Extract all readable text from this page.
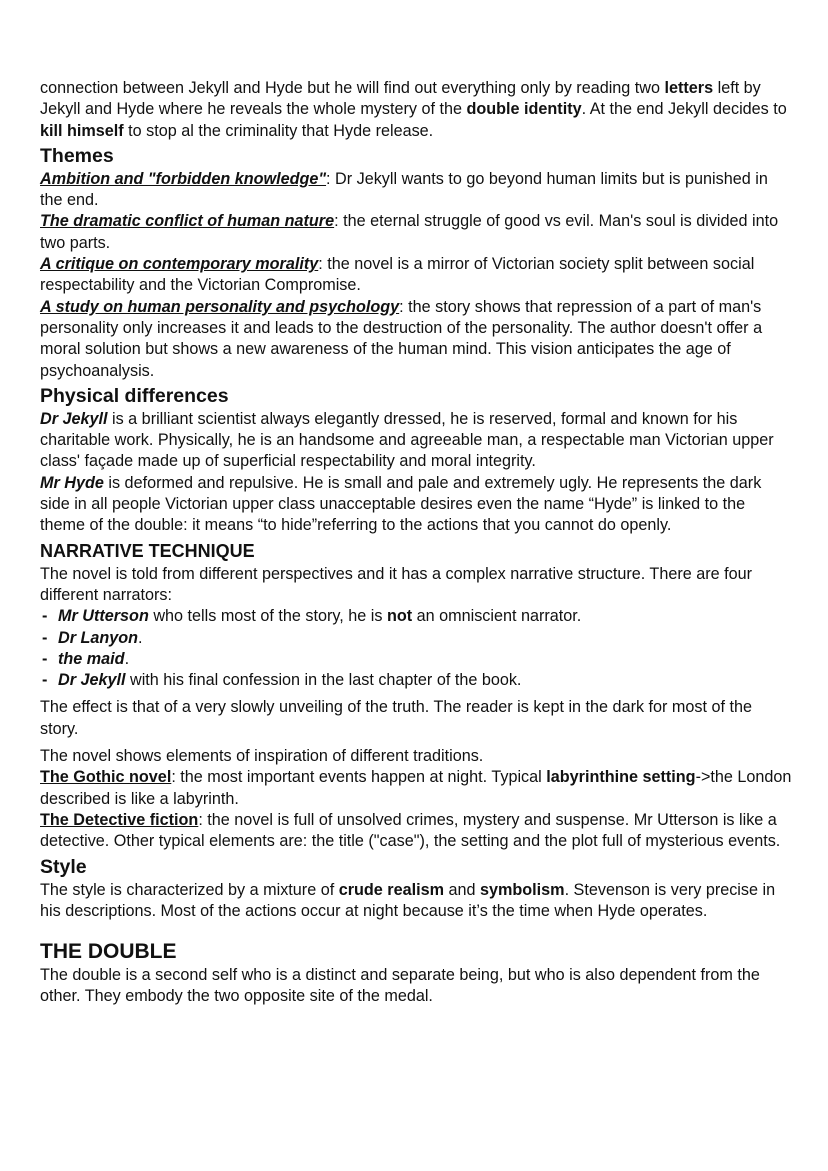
connection between Jekyll and Hyde but he will find out everything only by reading two letters left by Jekyll and Hyde where he reveals the whole mystery of the double identity. At the end Jekyll decides to kill himself to stop al the criminality that Hyde release.

Themes

Ambition and "forbidden knowledge": Dr Jekyll wants to go beyond human limits but is punished in the end.

The dramatic conflict of human nature: the eternal struggle of good vs evil. Man's soul is divided into two parts.

A critique on contemporary morality: the novel is a mirror of Victorian society split between social respectability and the Victorian Compromise.

A study on human personality and psychology: the story shows that repression of a part of man's personality only increases it and leads to the destruction of the personality. The author doesn't offer a moral solution but shows a new awareness of the human mind. This vision anticipates the age of psychoanalysis.

Physical differences

Dr Jekyll is a brilliant scientist always elegantly dressed, he is reserved, formal and known for his charitable work. Physically, he is an handsome and agreeable man, a respectable man Victorian upper class' façade made up of superficial respectability and moral integrity.

Mr Hyde is deformed and repulsive. He is small and pale and extremely ugly. He represents the dark side in all people Victorian upper class unacceptable desires even the name “Hyde” is linked to the theme of the double: it means “to hide”referring to the actions that you cannot do openly.

NARRATIVE TECHNIQUE

The novel is told from different perspectives and it has a complex narrative structure. There are four different narrators:

- Mr Utterson who tells most of the story, he is not an omniscient narrator.
- Dr Lanyon.
- the maid.
- Dr Jekyll with his final confession in the last chapter of the book.

The effect is that of a very slowly unveiling of the truth. The reader is kept in the dark for most of the story.

The novel shows elements of inspiration of different traditions.

The Gothic novel: the most important events happen at night. Typical labyrinthine setting->the London described is like a labyrinth.

The Detective fiction: the novel is full of unsolved crimes, mystery and suspense. Mr Utterson is like a detective. Other typical elements are: the title ("case"), the setting and the plot full of mysterious events.

Style

The style is characterized by a mixture of crude realism and symbolism. Stevenson is very precise in his descriptions. Most of the actions occur at night because it’s the time when Hyde operates.

THE DOUBLE

The double is a second self who is a distinct and separate being, but who is also dependent from the other. They embody the two opposite site of the medal.
